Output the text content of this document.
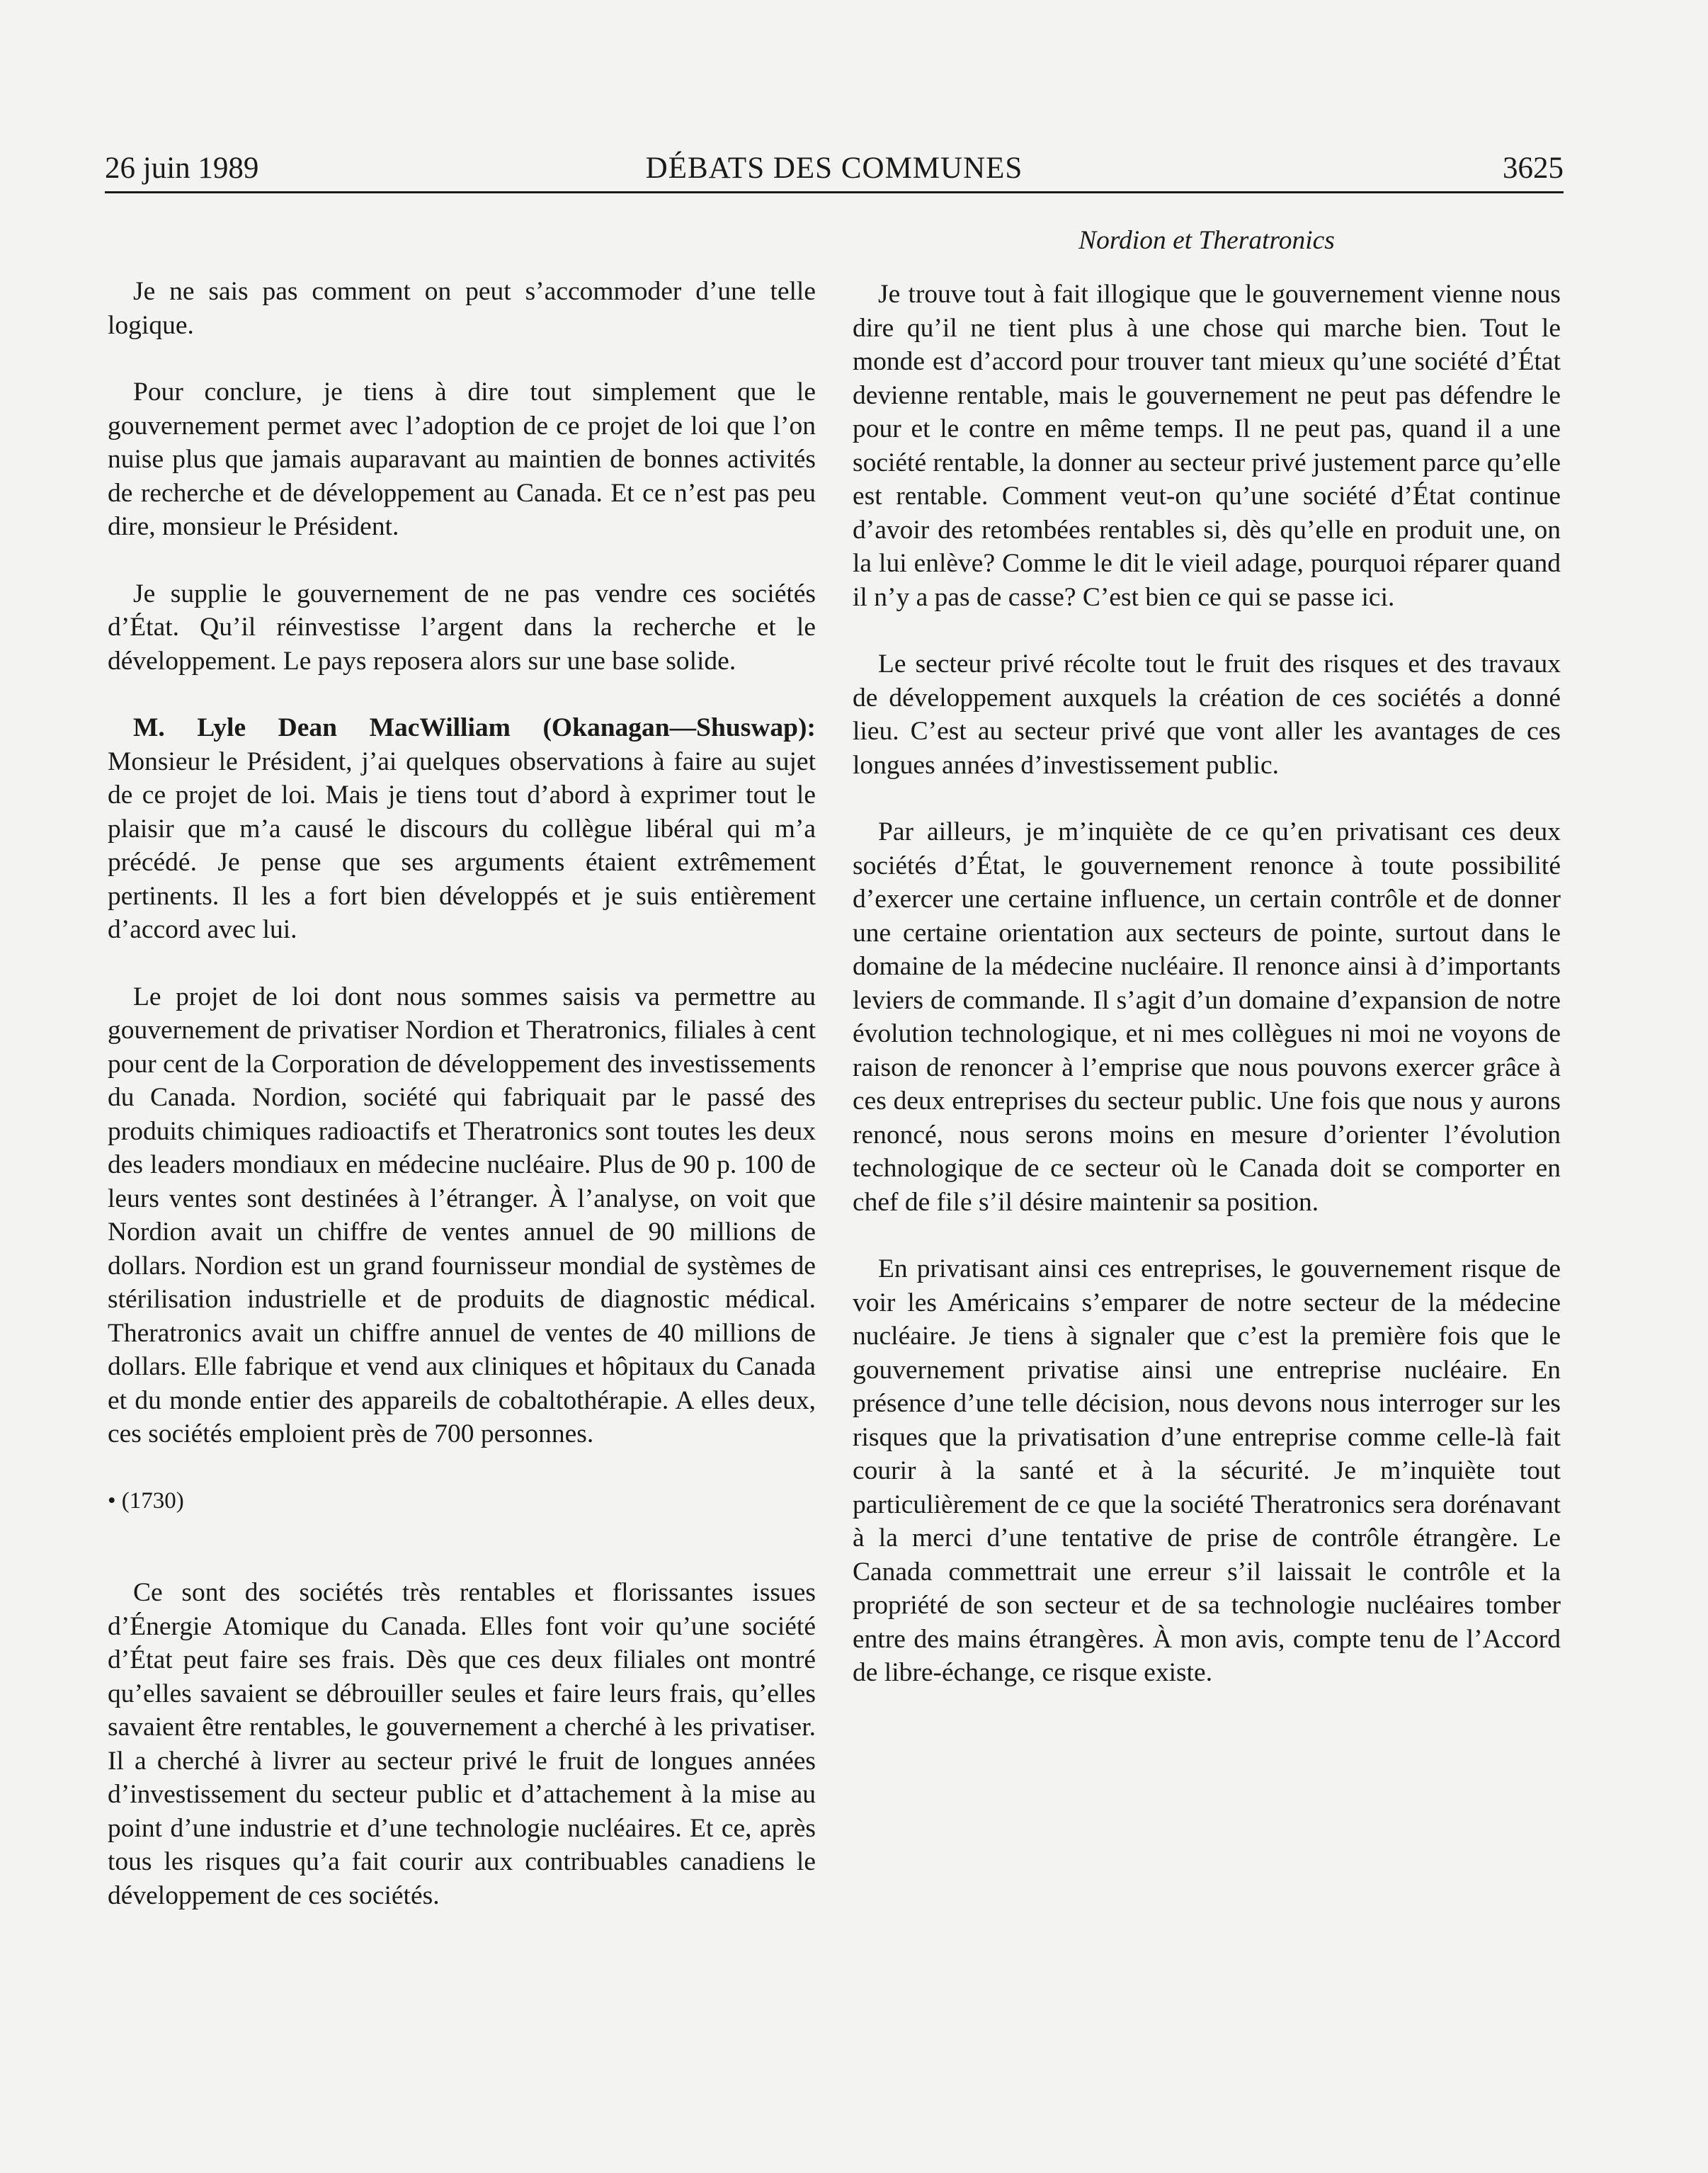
26 juin 1989	DÉBATS DES COMMUNES	3625

Je ne sais pas comment on peut s’accommoder d’une telle logique.

Pour conclure, je tiens à dire tout simplement que le gouvernement permet avec l’adoption de ce projet de loi que l’on nuise plus que jamais auparavant au maintien de bonnes activités de recherche et de développement au Canada. Et ce n’est pas peu dire, monsieur le Président.

Je supplie le gouvernement de ne pas vendre ces sociétés d’État. Qu’il réinvestisse l’argent dans la recherche et le développement. Le pays reposera alors sur une base solide.

M. Lyle Dean MacWilliam (Okanagan—Shuswap): Monsieur le Président, j’ai quelques observations à faire au sujet de ce projet de loi. Mais je tiens tout d’abord à exprimer tout le plaisir que m’a causé le discours du collègue libéral qui m’a précédé. Je pense que ses arguments étaient extrêmement pertinents. Il les a fort bien développés et je suis entièrement d’accord avec lui.

Le projet de loi dont nous sommes saisis va permettre au gouvernement de privatiser Nordion et Theratronics, filiales à cent pour cent de la Corporation de développement des investissements du Canada. Nordion, société qui fabriquait par le passé des produits chimiques radioactifs et Theratronics sont toutes les deux des leaders mondiaux en médecine nucléaire. Plus de 90 p. 100 de leurs ventes sont destinées à l’étranger. À l’analyse, on voit que Nordion avait un chiffre de ventes annuel de 90 millions de dollars. Nordion est un grand fournisseur mondial de systèmes de stérilisation industrielle et de produits de diagnostic médical. Theratronics avait un chiffre annuel de ventes de 40 millions de dollars. Elle fabrique et vend aux cliniques et hôpitaux du Canada et du monde entier des appareils de cobaltothérapie. A elles deux, ces sociétés emploient près de 700 personnes.

• (1730)

Ce sont des sociétés très rentables et florissantes issues d’Énergie Atomique du Canada. Elles font voir qu’une société d’État peut faire ses frais. Dès que ces deux filiales ont montré qu’elles savaient se débrouiller seules et faire leurs frais, qu’elles savaient être rentables, le gouvernement a cherché à les privatiser. Il a cherché à livrer au secteur privé le fruit de longues années d’investissement du secteur public et d’attachement à la mise au point d’une industrie et d’une technologie nucléaires. Et ce, après tous les risques qu’a fait courir aux contribuables canadiens le développement de ces sociétés.

Nordion et Theratronics

Je trouve tout à fait illogique que le gouvernement vienne nous dire qu’il ne tient plus à une chose qui marche bien. Tout le monde est d’accord pour trouver tant mieux qu’une société d’État devienne rentable, mais le gouvernement ne peut pas défendre le pour et le contre en même temps. Il ne peut pas, quand il a une société rentable, la donner au secteur privé justement parce qu’elle est rentable. Comment veut-on qu’une société d’État continue d’avoir des retombées rentables si, dès qu’elle en produit une, on la lui enlève? Comme le dit le vieil adage, pourquoi réparer quand il n’y a pas de casse? C’est bien ce qui se passe ici.

Le secteur privé récolte tout le fruit des risques et des travaux de développement auxquels la création de ces sociétés a donné lieu. C’est au secteur privé que vont aller les avantages de ces longues années d’investissement public.

Par ailleurs, je m’inquiète de ce qu’en privatisant ces deux sociétés d’État, le gouvernement renonce à toute possibilité d’exercer une certaine influence, un certain contrôle et de donner une certaine orientation aux secteurs de pointe, surtout dans le domaine de la médecine nucléaire. Il renonce ainsi à d’importants leviers de commande. Il s’agit d’un domaine d’expansion de notre évolution technologique, et ni mes collègues ni moi ne voyons de raison de renoncer à l’emprise que nous pouvons exercer grâce à ces deux entreprises du secteur public. Une fois que nous y aurons renoncé, nous serons moins en mesure d’orienter l’évolution technologique de ce secteur où le Canada doit se comporter en chef de file s’il désire maintenir sa position.

En privatisant ainsi ces entreprises, le gouvernement risque de voir les Américains s’emparer de notre secteur de la médecine nucléaire. Je tiens à signaler que c’est la première fois que le gouvernement privatise ainsi une entreprise nucléaire. En présence d’une telle décision, nous devons nous interroger sur les risques que la privatisation d’une entreprise comme celle-là fait courir à la santé et à la sécurité. Je m’inquiète tout particulièrement de ce que la société Theratronics sera dorénavant à la merci d’une tentative de prise de contrôle étrangère. Le Canada commettrait une erreur s’il laissait le contrôle et la propriété de son secteur et de sa technologie nucléaires tomber entre des mains étrangères. À mon avis, compte tenu de l’Accord de libre-échange, ce risque existe.
